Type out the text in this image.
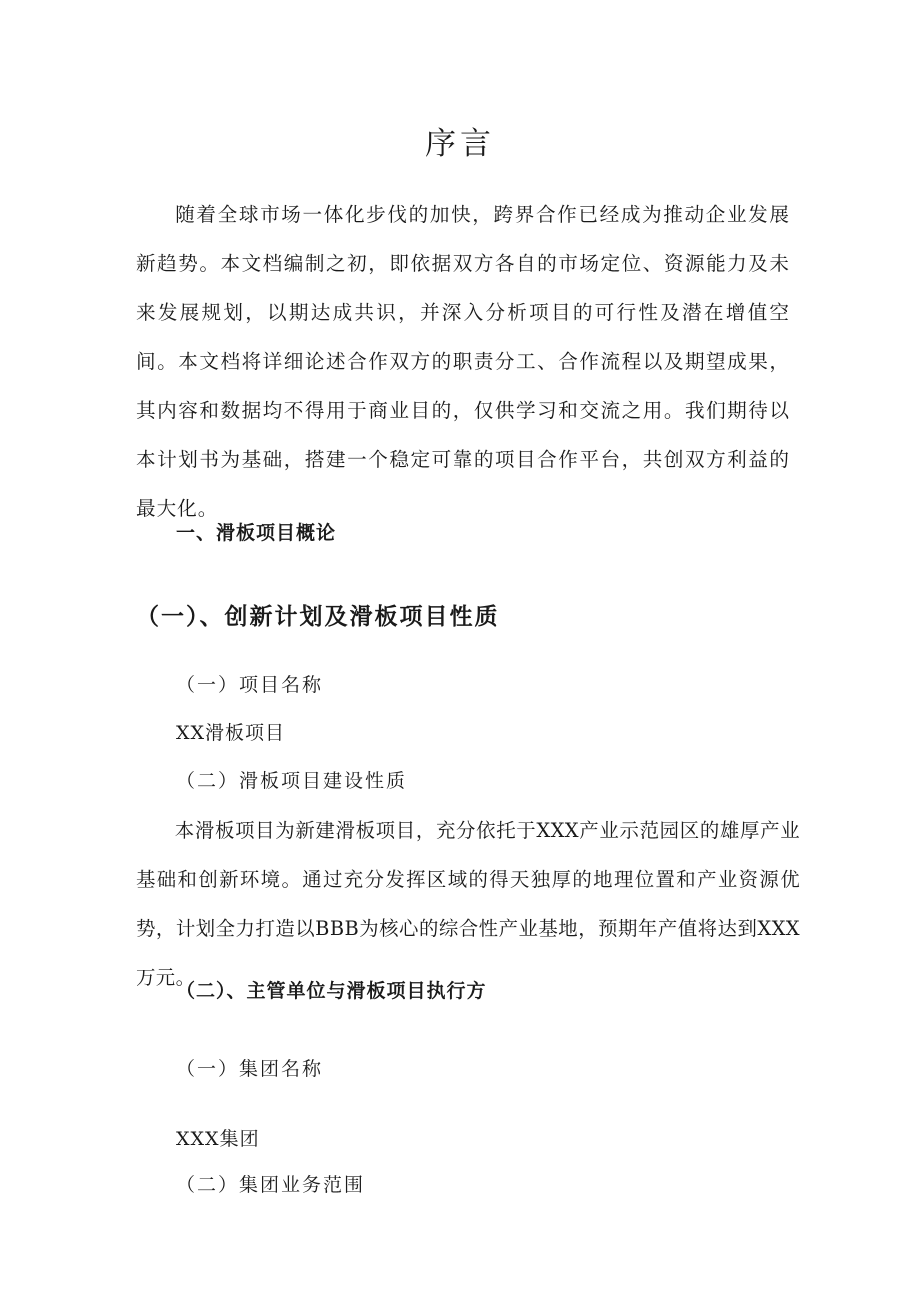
序言

随着全球市场一体化步伐的加快，跨界合作已经成为推动企业发展新趋势。本文档编制之初，即依据双方各自的市场定位、资源能力及未来发展规划，以期达成共识，并深入分析项目的可行性及潜在增值空间。本文档将详细论述合作双方的职责分工、合作流程以及期望成果，其内容和数据均不得用于商业目的，仅供学习和交流之用。我们期待以本计划书为基础，搭建一个稳定可靠的项目合作平台，共创双方利益的最大化。

一、滑板项目概论
（一）、创新计划及滑板项目性质
（一）项目名称
XX滑板项目
（二）滑板项目建设性质

本滑板项目为新建滑板项目，充分依托于XXX产业示范园区的雄厚产业基础和创新环境。通过充分发挥区域的得天独厚的地理位置和产业资源优势，计划全力打造以BBB为核心的综合性产业基地，预期年产值将达到XXX万元。

（二）、主管单位与滑板项目执行方
（一）集团名称
XXX集团
（二）集团业务范围
